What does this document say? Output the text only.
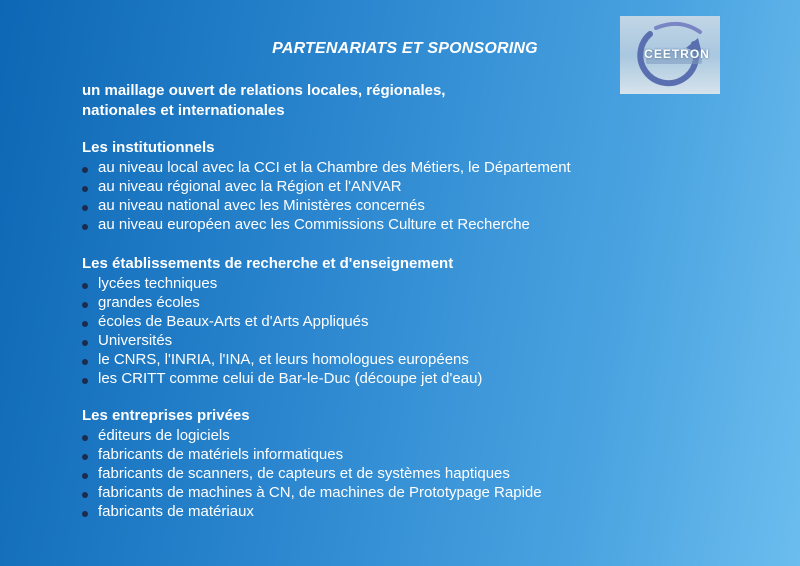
PARTENARIATS ET SPONSORING	CEETRON
un maillage ouvert de relations locales, régionales,
nationales et internationales
Les institutionnels
au niveau local avec la CCI et la Chambre des Métiers, le Département
au niveau régional avec la Région et l'ANVAR
au niveau national avec les Ministères concernés
au niveau européen avec les Commissions Culture et Recherche
Les établissements de recherche et d'enseignement
lycées techniques
grandes écoles
écoles de Beaux-Arts et d'Arts Appliqués
Universités
le CNRS, l'INRIA, l'INA, et leurs homologues européens
les CRITT comme celui de Bar-le-Duc (découpe jet d'eau)
Les entreprises privées
éditeurs de logiciels
fabricants de matériels informatiques
fabricants de scanners, de capteurs et de systèmes haptiques
fabricants de machines à CN, de machines de Prototypage Rapide
fabricants de matériaux
